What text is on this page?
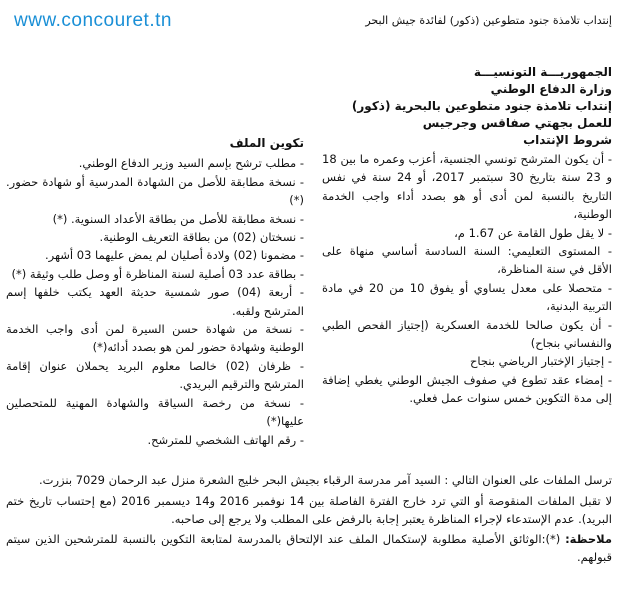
www.concouret.tn	إنتداب تلامذة جنود متطوعين (ذكور) لفائدة جيش البحر
الجمهوريـــة التونسيـــة
وزارة الدفاع الوطني
إنتداب تلامذة جنود متطوعين بالبحرية (ذكور)
للعمل بجهتي صفاقس وجرجيس
شروط الإنتداب
- أن يكون المترشح تونسي الجنسية، أعزب وعمره ما بين 18 و 23 سنة بتاريخ 30 سبتمبر 2017، أو 24 سنة في نفس التاريخ بالنسبة لمن أدى أو هو بصدد أداء واجب الخدمة الوطنية،
- لا يقل طول القامة عن 1.67 م،
- المستوى التعليمي: السنة السادسة أساسي منهاة على الأقل في سنة المناظرة،
- متحصلا على معدل يساوي أو يفوق 10 من 20 في مادة التربية البدنية،
- أن يكون صالحا للخدمة العسكرية (إجتياز الفحص الطبي والنفساني بنجاح)
- إجتياز الإختبار الرياضي بنجاح
- إمضاء عقد تطوع في صفوف الجيش الوطني يغطي إضافة إلى مدة التكوين خمس سنوات عمل فعلي.
تكوين الملف
- مطلب ترشح بإسم السيد وزير الدفاع الوطني.
- نسخة مطابقة للأصل من الشهادة المدرسية أو شهادة حضور. (*)
- نسخة مطابقة للأصل من بطاقة الأعداد السنوية. (*)
- نسختان (02) من بطاقة التعريف الوطنية.
- مضمونا (02) ولادة أصليان لم يمض عليهما 03 أشهر.
- بطاقة عدد 03 أصلية لسنة المناظرة أو وصل طلب وثيقة (*)
- أربعة (04) صور شمسية حديثة العهد يكتب خلفها إسم المترشح ولقبه.
- نسخة من شهادة حسن السيرة لمن أدى واجب الخدمة الوطنية وشهادة حضور لمن هو بصدد أدائه(*)
- ظرفان (02) خالصا معلوم البريد يحملان عنوان إقامة المترشح والترقيم البريدي.
- نسخة من رخصة السياقة والشهادة المهنية للمتحصلين عليها(*)
- رقم الهاتف الشخصي للمترشح.

ترسل الملفات على العنوان التالي : السيد آمر مدرسة الرقباء بجيش البحر خليج الشعرة منزل عبد الرحمان 7029 بنزرت.

لا تقبل الملفات المنقوصة أو التي ترد خارج الفترة الفاصلة بين 14 نوفمبر 2016 و14 ديسمبر 2016 (مع إحتساب تاريخ ختم البريد). عدم الإستدعاء لإجراء المناظرة يعتبر إجابة بالرفض على المطلب ولا يرجع إلى صاحبه.

ملاحظة: (*):الوثائق الأصلية مطلوبة لإستكمال الملف عند الإلتحاق بالمدرسة لمتابعة التكوين بالنسبة للمترشحين الذين سيتم قبولهم.
